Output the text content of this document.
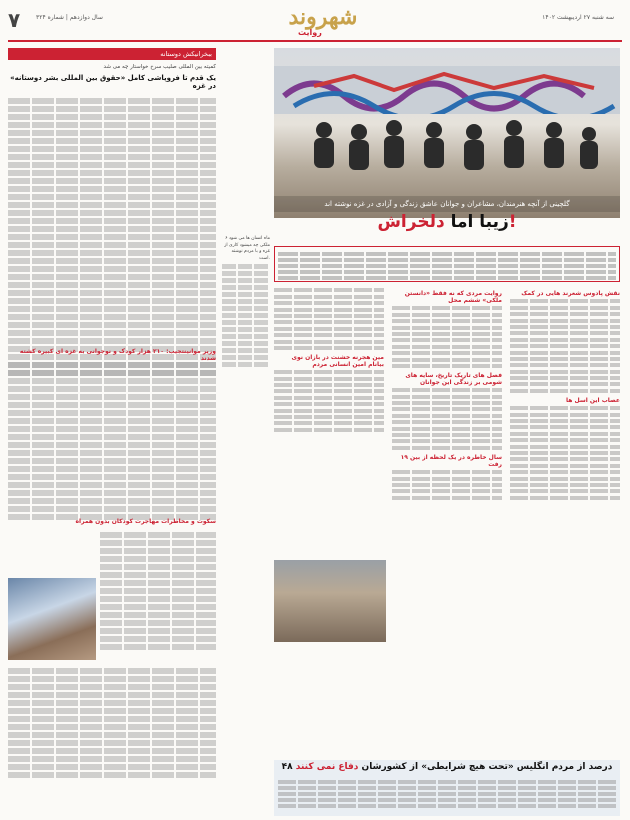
۷	سال دوازدهم | شماره ۳۲۴	شهروند
روایت
سه شنبه ۲۷ اردیبهشت ۱۴۰۲
ببخرانیکش دوستانه
کمیته بین المللی صلیب سرخ خواستار چه می شد
یک قدم تا فروپاشی کامل «حقوق بین المللی بشر دوستانه» در غزه
وزیر موانینتجیب: ۲۱۰ هزار کودک و نوجوانی به غزه ای کبیره کشته شدند
سکوت و مخاطرات مهاجرت کودکان بدون همراه
۶ ماه انسان ها می شود ملکی چه میشود کاری از غزه و با مردم نوشته است.
گلچینی از آنچه هنرمندان، مشاعران و جوانان عاشق زندگی و آزادی در غزه نوشته اند
زیبا اما دلخراش!
نقش پادوس شعرند هایی در کمک
عصاب این اسل ها
روایت مردی که نه فقط «دانستن ملکی» ششم محل
فصل های تاریک تاریخ، سایه های شومی بر زندگی این جوانان
۱۹ سال خاطره در یک لحظه از بین رفت
مین هجرنه خشنت در بازان نوی بیانام امین انسانی مردم
۴۸ درصد از مردم انگلیس «تحت هیچ شرایطی» از کشورشان دفاع نمی کنند
